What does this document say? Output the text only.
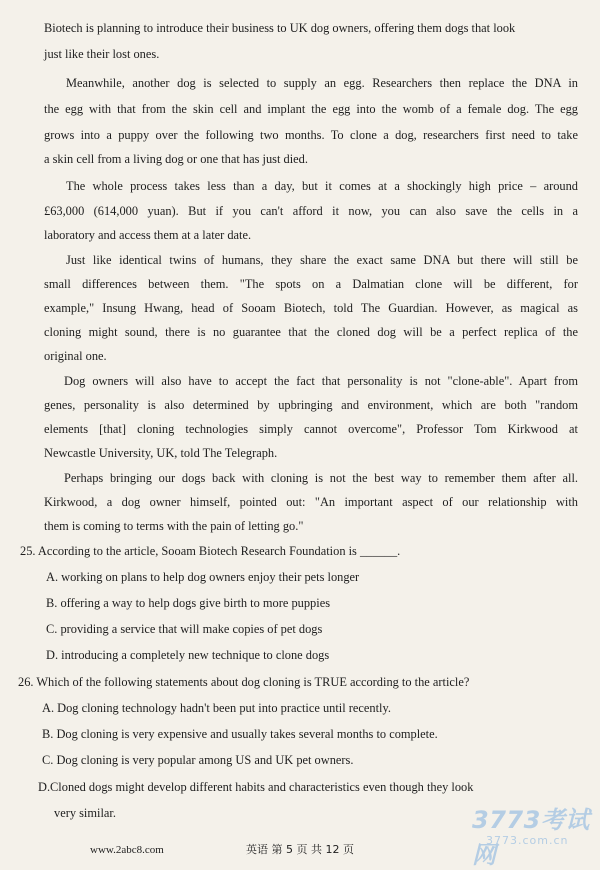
Biotech is planning to introduce their business to UK dog owners, offering them dogs that look
just like their lost ones.
Meanwhile, another dog is selected to supply an egg. Researchers then replace the DNA in
the egg with that from the skin cell and implant the egg into the womb of a female dog. The egg
grows into a puppy over the following two months. To clone a dog, researchers first need to take
a skin cell from a living dog or one that has just died.
The whole process takes less than a day, but it comes at a shockingly high price – around
£63,000 (614,000 yuan). But if you can't afford it now, you can also save the cells in a
laboratory and access them at a later date.
Just like identical twins of humans, they share the exact same DNA but there will still be
small differences between them. "The spots on a Dalmatian clone will be different, for
example," Insung Hwang, head of Sooam Biotech, told The Guardian. However, as magical as
cloning might sound, there is no guarantee that the cloned dog will be a perfect replica of the
original one.
Dog owners will also have to accept the fact that personality is not "clone-able". Apart from
genes, personality is also determined by upbringing and environment, which are both "random
elements [that] cloning technologies simply cannot overcome", Professor Tom Kirkwood at
Newcastle University, UK, told The Telegraph.
Perhaps bringing our dogs back with cloning is not the best way to remember them after all.
Kirkwood, a dog owner himself, pointed out: "An important aspect of our relationship with
them is coming to terms with the pain of letting go."
25. According to the article, Sooam Biotech Research Foundation is ______.
A. working on plans to help dog owners enjoy their pets longer
B. offering a way to help dogs give birth to more puppies
C. providing a service that will make copies of pet dogs
D. introducing a completely new technique to clone dogs
26. Which of the following statements about dog cloning is TRUE according to the article?
A. Dog cloning technology hadn't been put into practice until recently.
B. Dog cloning is very expensive and usually takes several months to complete.
C. Dog cloning is very popular among US and UK pet owners.
D.Cloned dogs might develop different habits and characteristics even though they look
very similar.
www.2abc8.com	英语 第 5 页 共 12 页
3773考试网
3773.com.cn
